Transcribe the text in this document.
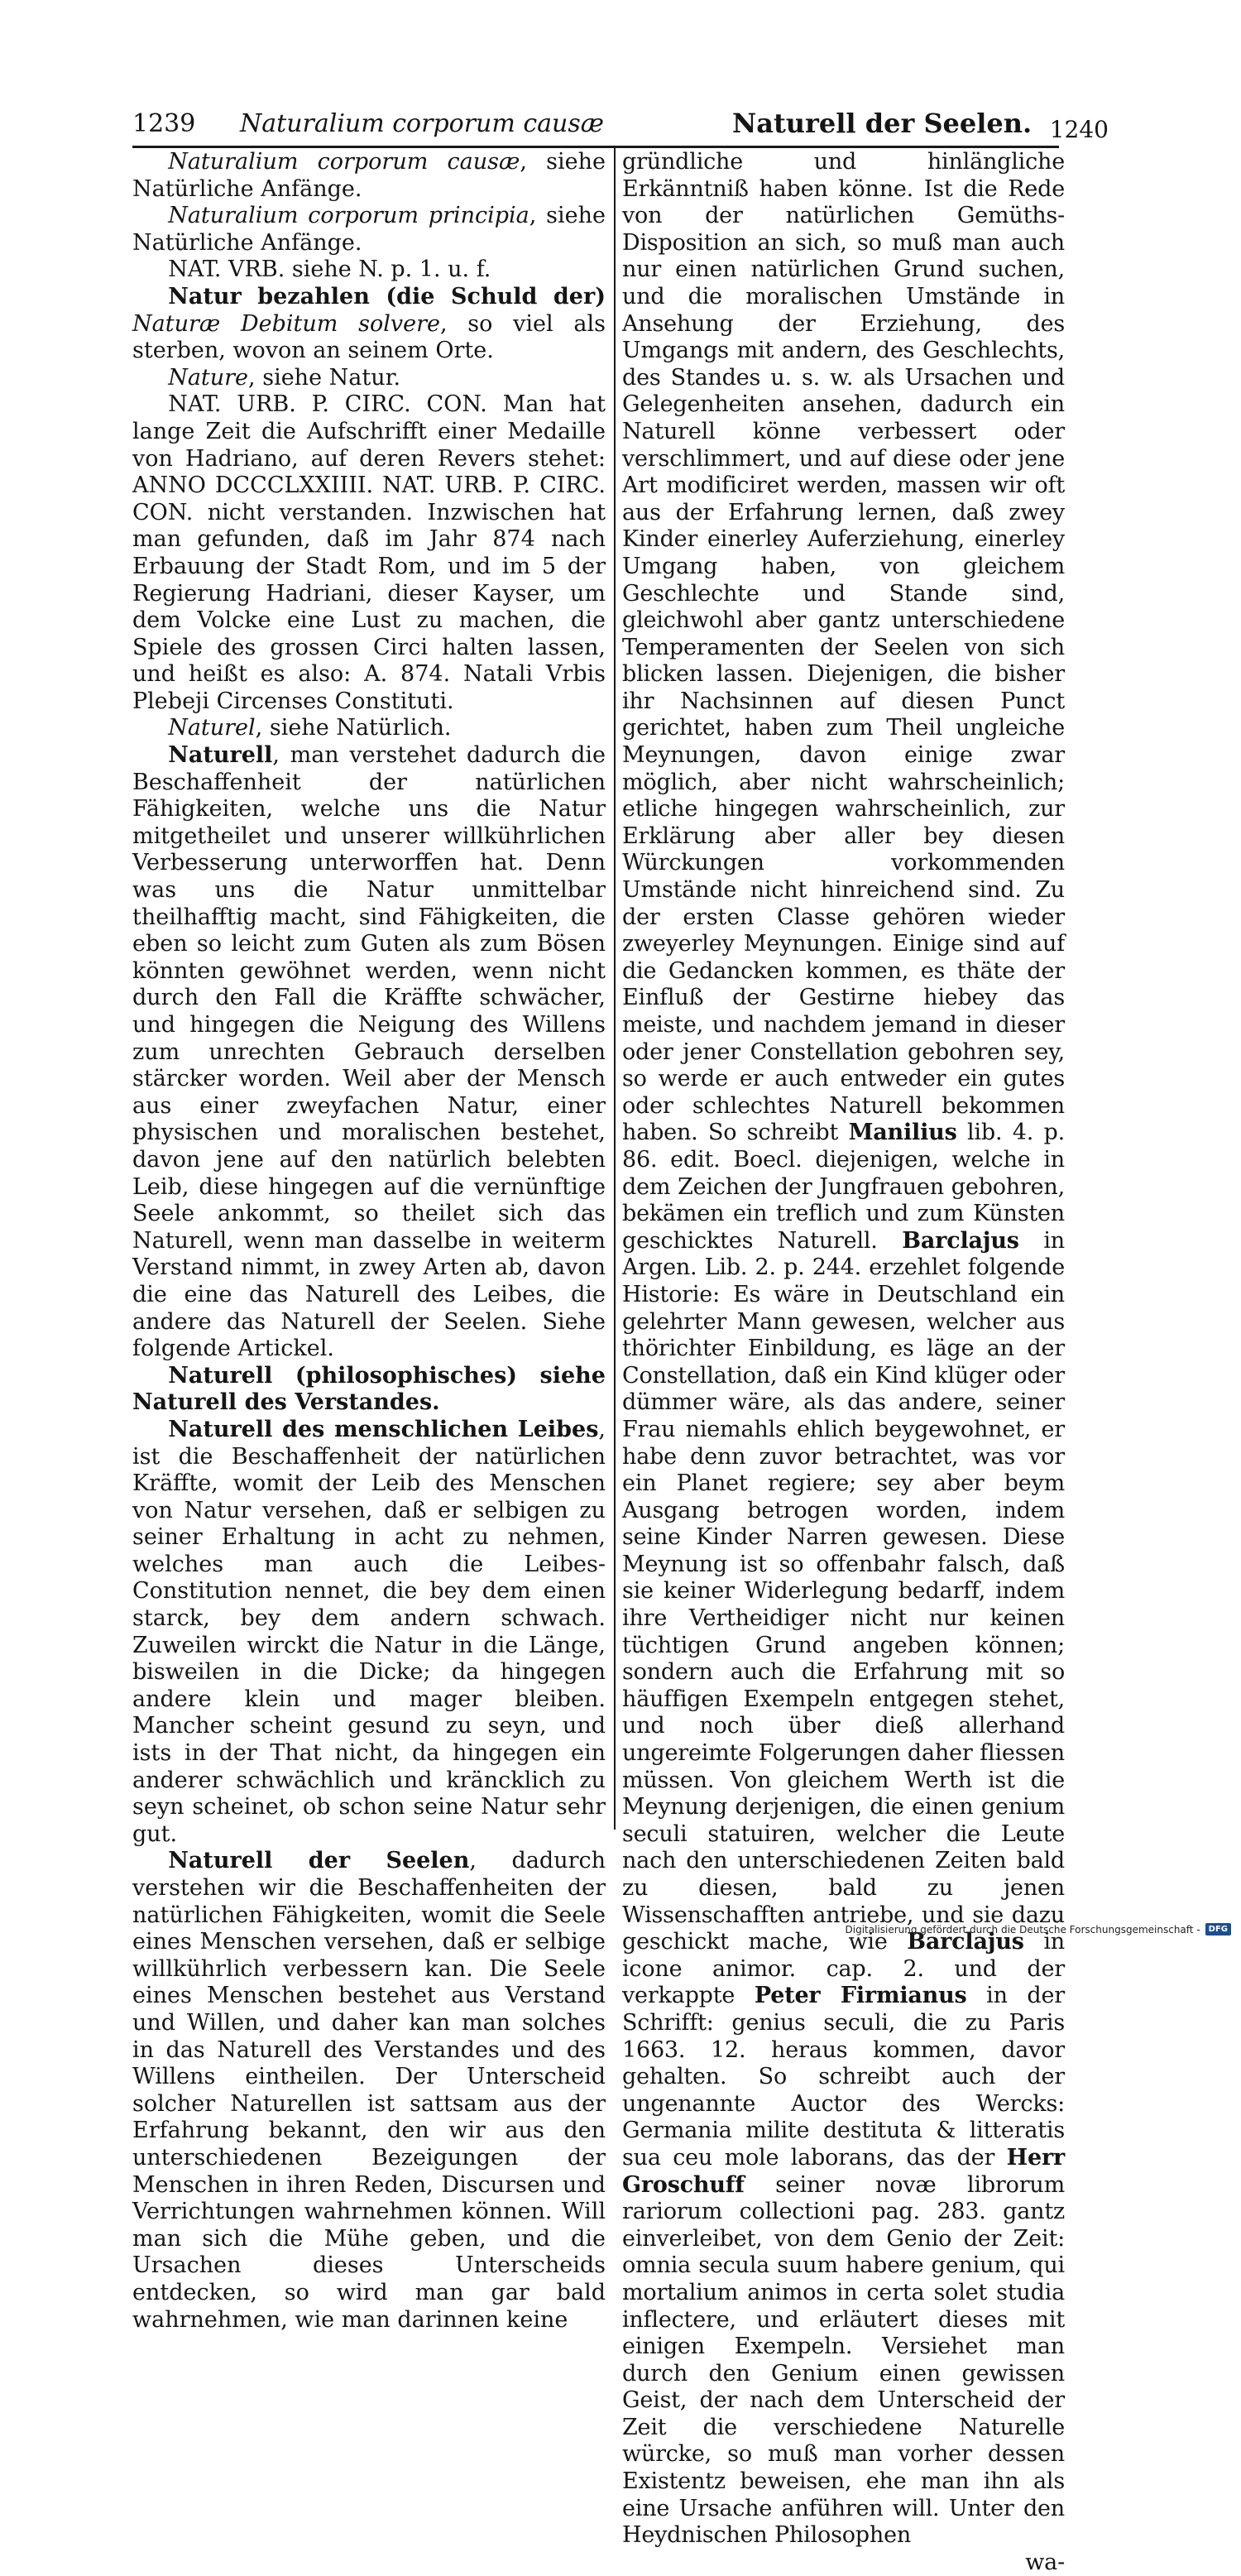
1239 Naturalium corporum causæ	Naturell der Seelen. 1240

Naturalium corporum causæ, siehe Natürliche Anfänge.

Naturalium corporum principia, siehe Natürliche Anfänge.

NAT. VRB. siehe N. p. 1. u. f.

Natur bezahlen (die Schuld der) Naturæ Debitum solvere, so viel als sterben, wovon an seinem Orte.

Nature, siehe Natur.

NAT. URB. P. CIRC. CON. Man hat lange Zeit die Aufschrifft einer Medaille von Hadriano, auf deren Revers stehet: ANNO DCCCLXXIIII. NAT. URB. P. CIRC. CON. nicht verstanden. Inzwischen hat man gefunden, daß im Jahr 874 nach Erbauung der Stadt Rom, und im 5 der Regierung Hadriani, dieser Kayser, um dem Volcke eine Lust zu machen, die Spiele des grossen Circi halten lassen, und heißt es also: A. 874. Natali Vrbis Plebeji Circenses Constituti.

Naturel, siehe Natürlich.

Naturell, man verstehet dadurch die Beschaffenheit der natürlichen Fähigkeiten, welche uns die Natur mitgetheilet und unserer willkührlichen Verbesserung unterworffen hat. Denn was uns die Natur unmittelbar theilhafftig macht, sind Fähigkeiten, die eben so leicht zum Guten als zum Bösen könnten gewöhnet werden, wenn nicht durch den Fall die Kräffte schwächer, und hingegen die Neigung des Willens zum unrechten Gebrauch derselben stärcker worden. Weil aber der Mensch aus einer zweyfachen Natur, einer physischen und moralischen bestehet, davon jene auf den natürlich belebten Leib, diese hingegen auf die vernünftige Seele ankommt, so theilet sich das Naturell, wenn man dasselbe in weiterm Verstand nimmt, in zwey Arten ab, davon die eine das Naturell des Leibes, die andere das Naturell der Seelen. Siehe folgende Artickel.

Naturell (philosophisches) siehe Naturell des Verstandes.

Naturell des menschlichen Leibes, ist die Beschaffenheit der natürlichen Kräffte, womit der Leib des Menschen von Natur versehen, daß er selbigen zu seiner Erhaltung in acht zu nehmen, welches man auch die Leibes-Constitution nennet, die bey dem einen starck, bey dem andern schwach. Zuweilen wirckt die Natur in die Länge, bisweilen in die Dicke; da hingegen andere klein und mager bleiben. Mancher scheint gesund zu seyn, und ists in der That nicht, da hingegen ein anderer schwächlich und kräncklich zu seyn scheinet, ob schon seine Natur sehr gut.

Naturell der Seelen, dadurch verstehen wir die Beschaffenheiten der natürlichen Fähigkeiten, womit die Seele eines Menschen versehen, daß er selbige willkührlich verbessern kan. Die Seele eines Menschen bestehet aus Verstand und Willen, und daher kan man solches in das Naturell des Verstandes und des Willens eintheilen. Der Unterscheid solcher Naturellen ist sattsam aus der Erfahrung bekannt, den wir aus den unterschiedenen Bezeigungen der Menschen in ihren Reden, Discursen und Verrichtungen wahrnehmen können. Will man sich die Mühe geben, und die Ursachen dieses Unterscheids entdecken, so wird man gar bald wahrnehmen, wie man darinnen keine

gründliche und hinlängliche Erkänntniß haben könne. Ist die Rede von der natürlichen Gemüths-Disposition an sich, so muß man auch nur einen natürlichen Grund suchen, und die moralischen Umstände in Ansehung der Erziehung, des Umgangs mit andern, des Geschlechts, des Standes u. s. w. als Ursachen und Gelegenheiten ansehen, dadurch ein Naturell könne verbessert oder verschlimmert, und auf diese oder jene Art modificiret werden, massen wir oft aus der Erfahrung lernen, daß zwey Kinder einerley Auferziehung, einerley Umgang haben, von gleichem Geschlechte und Stande sind, gleichwohl aber gantz unterschiedene Temperamenten der Seelen von sich blicken lassen. Diejenigen, die bisher ihr Nachsinnen auf diesen Punct gerichtet, haben zum Theil ungleiche Meynungen, davon einige zwar möglich, aber nicht wahrscheinlich; etliche hingegen wahrscheinlich, zur Erklärung aber aller bey diesen Würckungen vorkommenden Umstände nicht hinreichend sind. Zu der ersten Classe gehören wieder zweyerley Meynungen. Einige sind auf die Gedancken kommen, es thäte der Einfluß der Gestirne hiebey das meiste, und nachdem jemand in dieser oder jener Constellation gebohren sey, so werde er auch entweder ein gutes oder schlechtes Naturell bekommen haben. So schreibt Manilius lib. 4. p. 86. edit. Boecl. diejenigen, welche in dem Zeichen der Jungfrauen gebohren, bekämen ein treflich und zum Künsten geschicktes Naturell. Barclajus in Argen. Lib. 2. p. 244. erzehlet folgende Historie: Es wäre in Deutschland ein gelehrter Mann gewesen, welcher aus thörichter Einbildung, es läge an der Constellation, daß ein Kind klüger oder dümmer wäre, als das andere, seiner Frau niemahls ehlich beygewohnet, er habe denn zuvor betrachtet, was vor ein Planet regiere; sey aber beym Ausgang betrogen worden, indem seine Kinder Narren gewesen. Diese Meynung ist so offenbahr falsch, daß sie keiner Widerlegung bedarff, indem ihre Vertheidiger nicht nur keinen tüchtigen Grund angeben können; sondern auch die Erfahrung mit so häuffigen Exempeln entgegen stehet, und noch über dieß allerhand ungereimte Folgerungen daher fliessen müssen. Von gleichem Werth ist die Meynung derjenigen, die einen genium seculi statuiren, welcher die Leute nach den unterschiedenen Zeiten bald zu diesen, bald zu jenen Wissenschafften antriebe, und sie dazu geschickt mache, wie Barclajus in icone animor. cap. 2. und der verkappte Peter Firmianus in der Schrifft: genius seculi, die zu Paris 1663. 12. heraus kommen, davor gehalten. So schreibt auch der ungenannte Auctor des Wercks: Germania milite destituta & litteratis sua ceu mole laborans, das der Herr Groschuff seiner novæ librorum rariorum collectioni pag. 283. gantz einverleibet, von dem Genio der Zeit: omnia secula suum habere genium, qui mortalium animos in certa solet studia inflectere, und erläutert dieses mit einigen Exempeln. Versiehet man durch den Genium einen gewissen Geist, der nach dem Unterscheid der Zeit die verschiedene Naturelle würcke, so muß man vorher dessen Existentz beweisen, ehe man ihn als eine Ursache anführen will. Unter den Heydnischen Philosophen

wa-

Digitalisierung gefördert durch die Deutsche Forschungsgemeinschaft -	DFG
